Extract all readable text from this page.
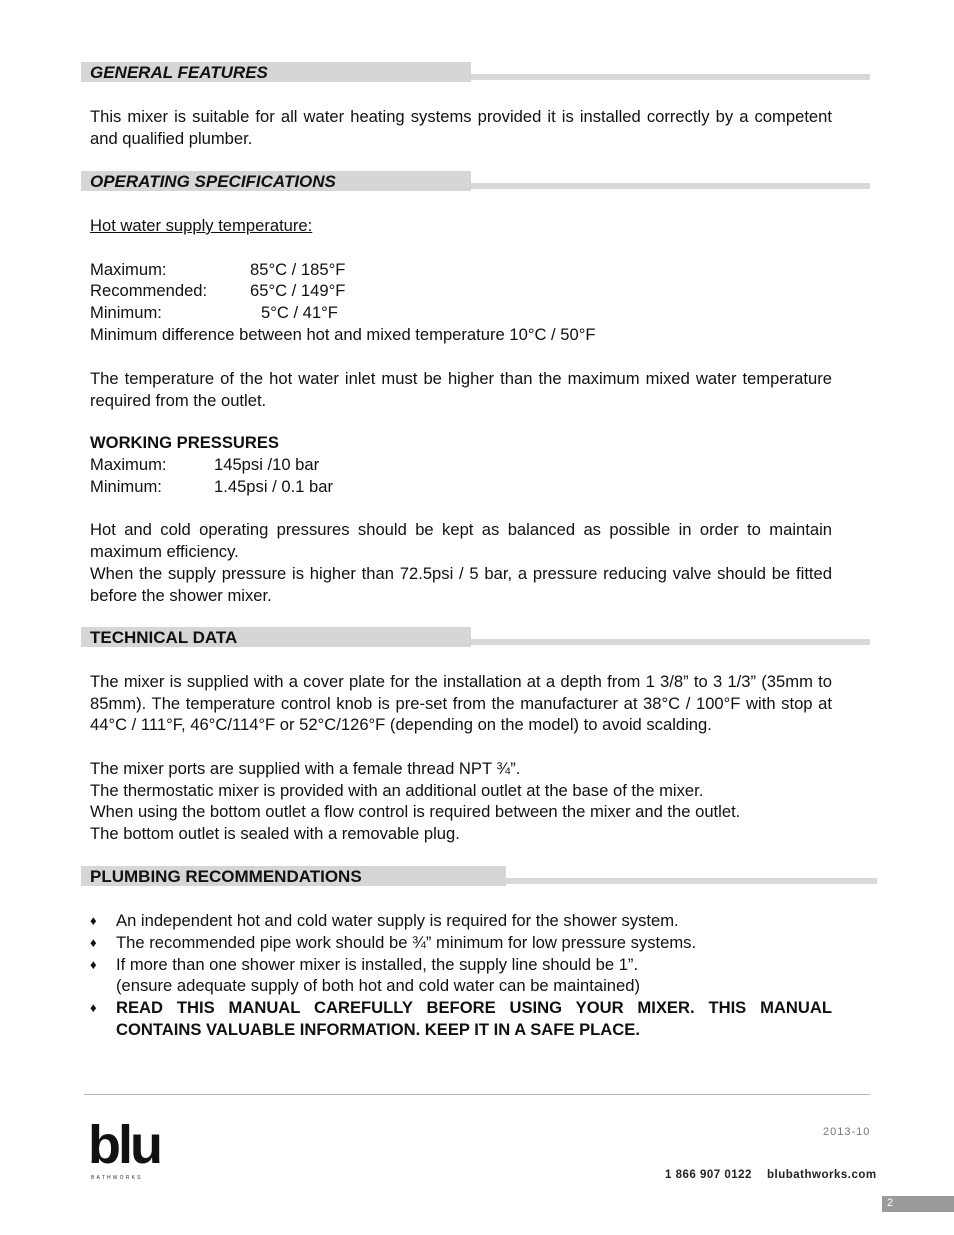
GENERAL FEATURES
This mixer is suitable for all water heating systems provided it is installed correctly by a competent and qualified plumber.
OPERATING SPECIFICATIONS
Hot water supply temperature:
Maximum:	85°C / 185°F
Recommended:	65°C / 149°F
Minimum:	5°C / 41°F
Minimum difference between hot and mixed temperature 10°C / 50°F
The temperature of the hot water inlet must be higher than the maximum mixed water temperature required from the outlet.
WORKING PRESSURES
Maximum:	145psi /10 bar
Minimum:	1.45psi / 0.1 bar
Hot and cold operating pressures should be kept as balanced as possible in order to maintain maximum efficiency.
When the supply pressure is higher than 72.5psi / 5 bar, a pressure reducing valve should be fitted before the shower mixer.
TECHNICAL DATA
The mixer is supplied with a cover plate for the installation at a depth from 1 3/8” to 3 1/3” (35mm to 85mm). The temperature control knob is pre-set from the manufacturer at 38°C / 100°F with stop at 44°C / 111°F, 46°C/114°F or 52°C/126°F (depending on the model) to avoid scalding.
The mixer ports are supplied with a female thread NPT ¾”.
The thermostatic mixer is provided with an additional outlet at the base of the mixer.
When using the bottom outlet a flow control is required between the mixer and the outlet.
The bottom outlet is sealed with a removable plug.
PLUMBING RECOMMENDATIONS
♦ An independent hot and cold water supply is required for the shower system.
♦ The recommended pipe work should be ¾” minimum for low pressure systems.
♦ If more than one shower mixer is installed, the supply line should be 1”.
(ensure adequate supply of both hot and cold water can be maintained)
♦ READ THIS MANUAL CAREFULLY BEFORE USING YOUR MIXER. THIS MANUAL CONTAINS VALUABLE INFORMATION. KEEP IT IN A SAFE PLACE.
blu
BATHWORKS
2013-10
1 866 907 0122 blubathworks.com
2
